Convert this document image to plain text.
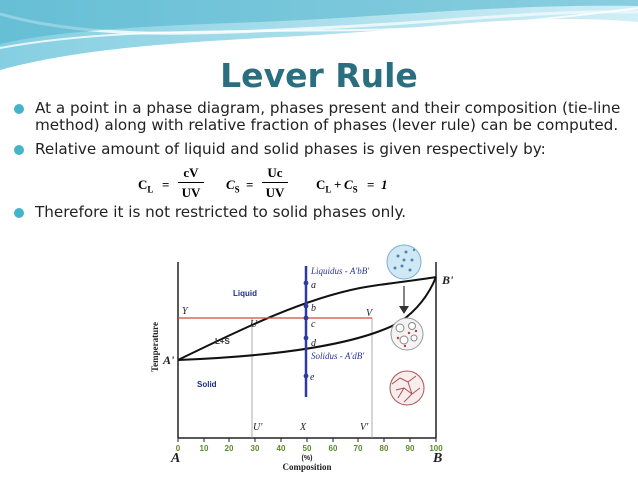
Lever Rule
At a point in a phase diagram, phases present and their composition (tie-line method) along with relative fraction of phases (lever rule) can be computed.
Relative amount of liquid and solid phases is given respectively by:
Therefore it is not restricted to solid phases only.
$C_L = \frac{cV}{UV} C_S = \frac{Uc}{UV} C_L + C_S = 1$
a
b
c
d
e
Y
U
V
U'	X	V'
Liquidus - A'bB'
Solidus - A'dB'
A'
B'
A	B
Liquid
L+S
Solid
0 10 20 30 40 50 60 70 80 90 100
(%)
Composition
Temperature
